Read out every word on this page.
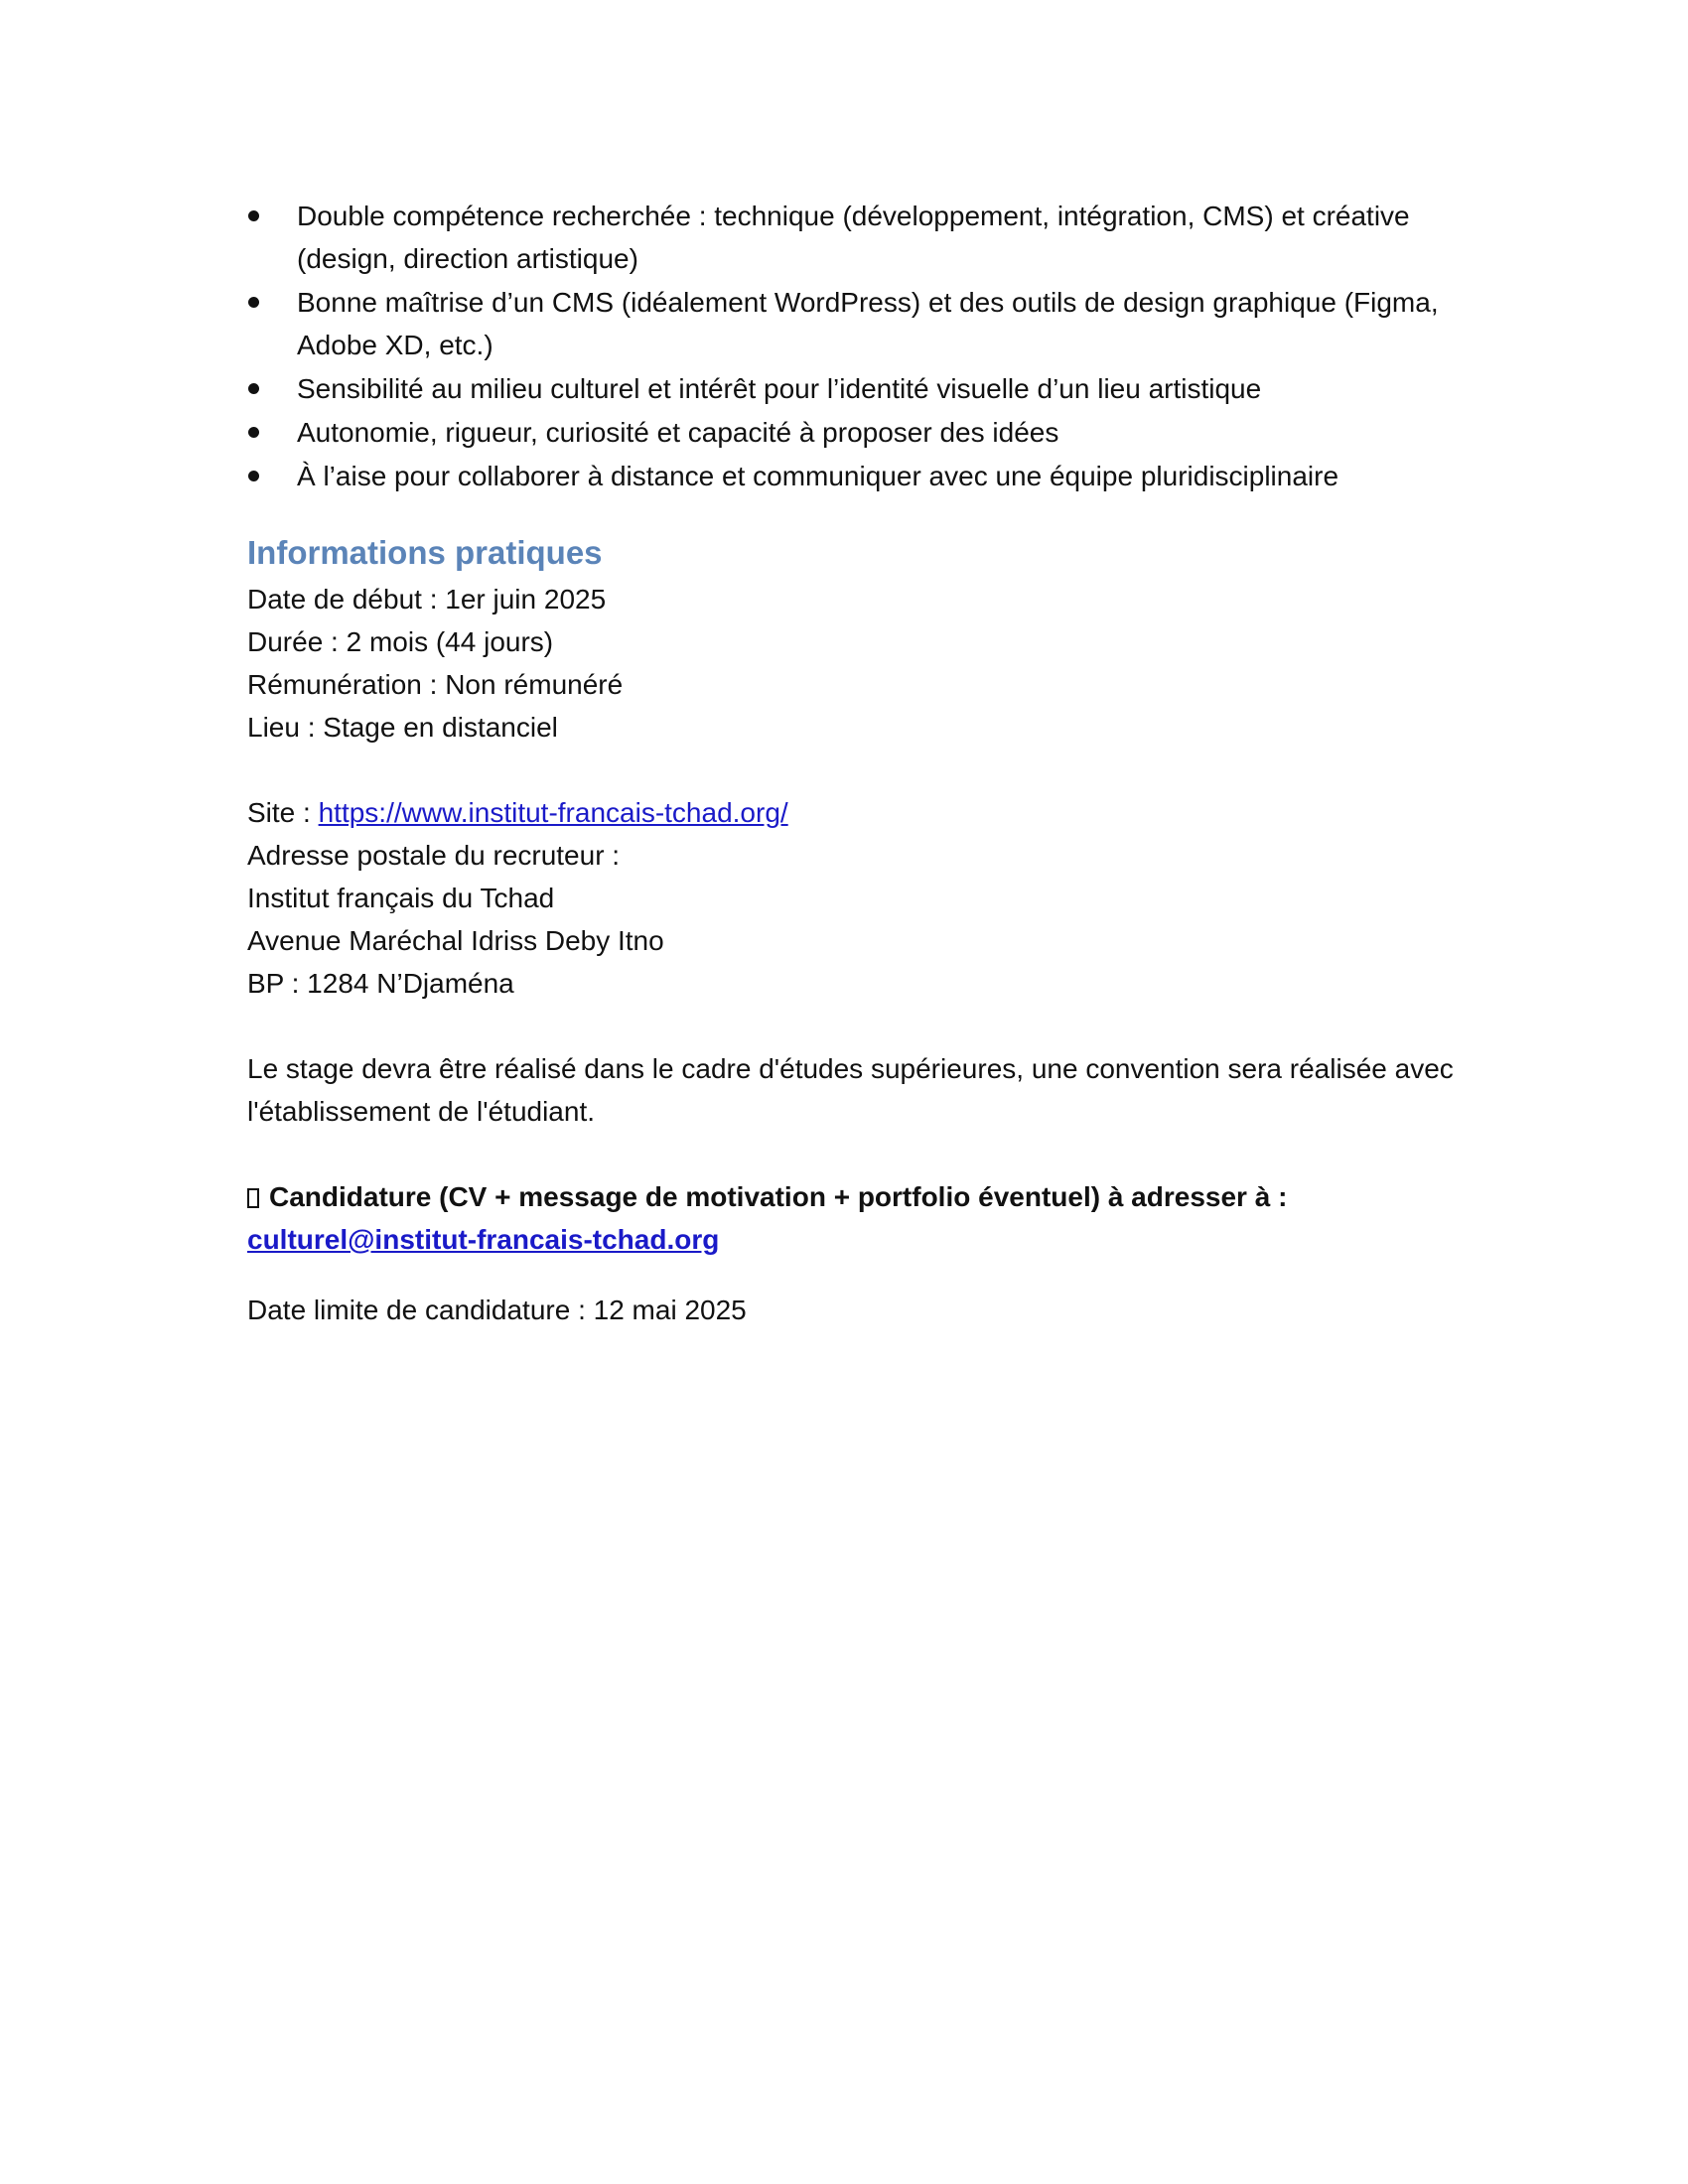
Double compétence recherchée : technique (développement, intégration, CMS) et créative (design, direction artistique)
Bonne maîtrise d’un CMS (idéalement WordPress) et des outils de design graphique (Figma, Adobe XD, etc.)
Sensibilité au milieu culturel et intérêt pour l’identité visuelle d’un lieu artistique
Autonomie, rigueur, curiosité et capacité à proposer des idées
À l’aise pour collaborer à distance et communiquer avec une équipe pluridisciplinaire
Informations pratiques
Date de début : 1er juin 2025
Durée : 2 mois (44 jours)
Rémunération : Non rémunéré
Lieu : Stage en distanciel
Site : https://www.institut-francais-tchad.org/
Adresse postale du recruteur :
Institut français du Tchad
Avenue Maréchal Idriss Deby Itno
BP : 1284 N’Djaména
Le stage devra être réalisé dans le cadre d'études supérieures, une convention sera réalisée avec l'établissement de l'étudiant.
Candidature (CV + message de motivation + portfolio éventuel) à adresser à :
culturel@institut-francais-tchad.org
Date limite de candidature : 12 mai 2025
